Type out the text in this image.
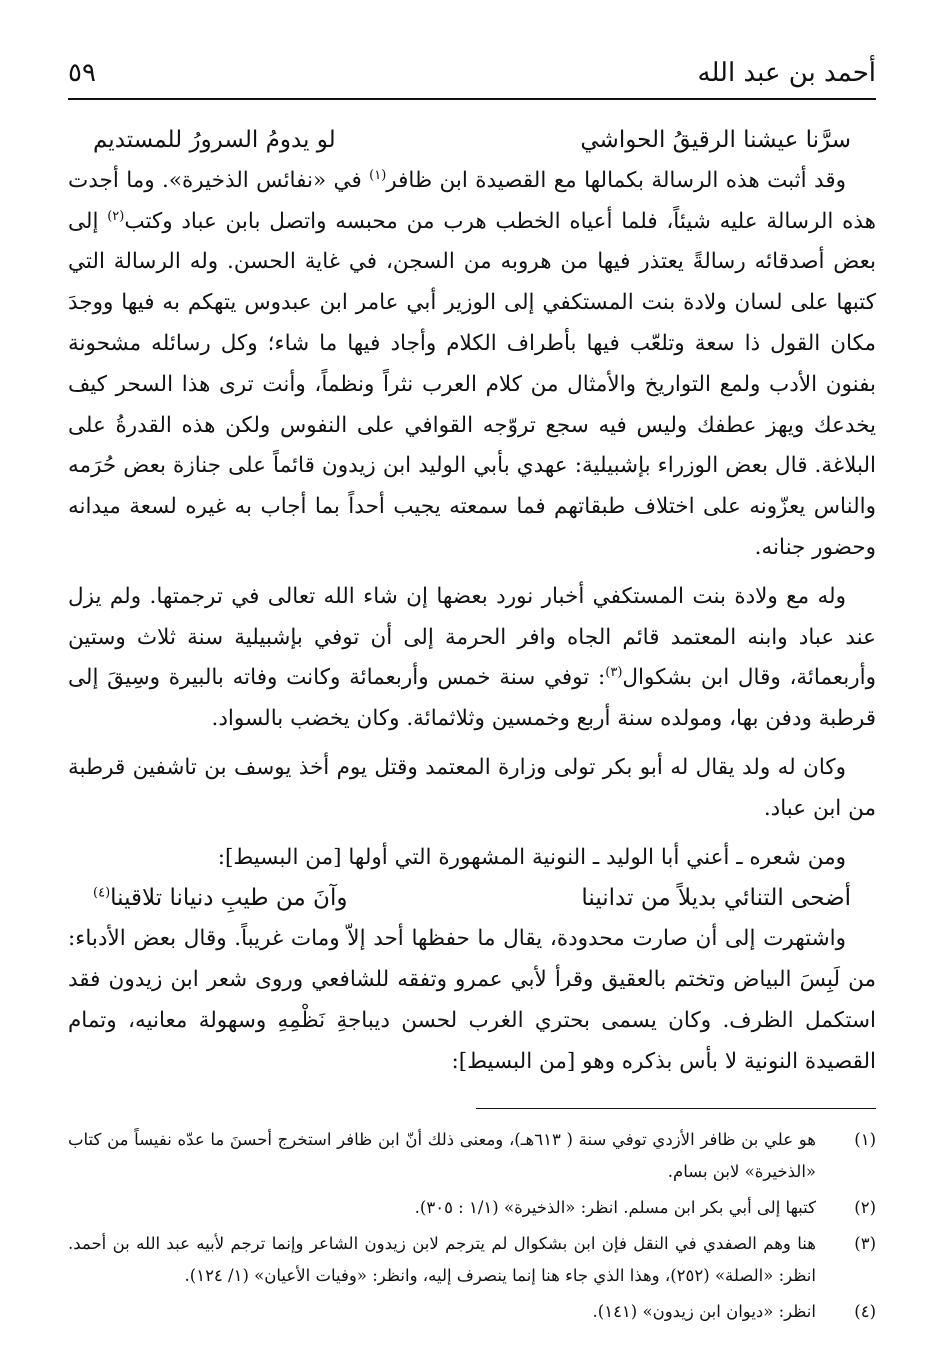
أحمد بن عبد الله
٥٩
سرَّنا عيشنا الرقيقُ الحواشي
لو يدومُ السرورُ للمستديم

وقد أثبت هذه الرسالة بكمالها مع القصيدة ابن ظافر$^{(١)}$ في «نفائس الذخيرة». وما أجدت هذه الرسالة عليه شيئاً، فلما أعياه الخطب هرب من محبسه واتصل بابن عباد وكتب$^{(٢)}$ إلى بعض أصدقائه رسالةً يعتذر فيها من هروبه من السجن، في غاية الحسن. وله الرسالة التي كتبها على لسان ولادة بنت المستكفي إلى الوزير أبي عامر ابن عبدوس يتهكم به فيها ووجدَ مكان القول ذا سعة وتلعّب فيها بأطراف الكلام وأجاد فيها ما شاء؛ وكل رسائله مشحونة بفنون الأدب ولمع التواريخ والأمثال من كلام العرب نثراً ونظماً، وأنت ترى هذا السحر كيف يخدعك ويهز عطفك وليس فيه سجع تروّجه القوافي على النفوس ولكن هذه القدرةُ على البلاغة. قال بعض الوزراء بإشبيلية: عهدي بأبي الوليد ابن زيدون قائماً على جنازة بعض حُرَمه والناس يعزّونه على اختلاف طبقاتهم فما سمعته يجيب أحداً بما أجاب به غيره لسعة ميدانه وحضور جنانه.

وله مع ولادة بنت المستكفي أخبار نورد بعضها إن شاء الله تعالى في ترجمتها. ولم يزل عند عباد وابنه المعتمد قائم الجاه وافر الحرمة إلى أن توفي بإشبيلية سنة ثلاث وستين وأربعمائة، وقال ابن بشكوال$^{(٣)}$: توفي سنة خمس وأربعمائة وكانت وفاته بالبيرة وسِيقَ إلى قرطبة ودفن بها، ومولده سنة أربع وخمسين وثلاثمائة. وكان يخضب بالسواد.

وكان له ولد يقال له أبو بكر تولى وزارة المعتمد وقتل يوم أخذ يوسف بن تاشفين قرطبة من ابن عباد.

ومن شعره ـ أعني أبا الوليد ـ النونية المشهورة التي أولها [من البسيط]:

أضحى التنائي بديلاً من تدانينا
وآنَ من طيبِ دنيانا تلاقينا$^{(٤)}$

واشتهرت إلى أن صارت محدودة، يقال ما حفظها أحد إلاّ ومات غريباً. وقال بعض الأدباء: من لَبِسَ البياض وتختم بالعقيق وقرأ لأبي عمرو وتفقه للشافعي وروى شعر ابن زيدون فقد استكمل الظرف. وكان يسمى بحتري الغرب لحسن ديباجةِ نَظْمِهِ وسهولة معانيه، وتمام القصيدة النونية لا بأس بذكره وهو [من البسيط]:

(١)
هو علي بن ظافر الأزدي توفي سنة ( ٦١٣هـ)، ومعنى ذلك أنّ ابن ظافر استخرج أحسنَ ما عدّه نفيساً من كتاب «الذخيرة» لابن بسام.
(٢)
كتبها إلى أبي بكر ابن مسلم. انظر: «الذخيرة» (١/١ : ٣٠٥).
(٣)
هنا وهم الصفدي في النقل فإن ابن بشكوال لم يترجم لابن زيدون الشاعر وإنما ترجم لأبيه عبد الله بن أحمد. انظر: «الصلة» (٢٥٢)، وهذا الذي جاء هنا إنما ينصرف إليه، وانظر: «وفيات الأعيان» (١/ ١٢٤).
(٤)
انظر: «ديوان ابن زيدون» (١٤١).
